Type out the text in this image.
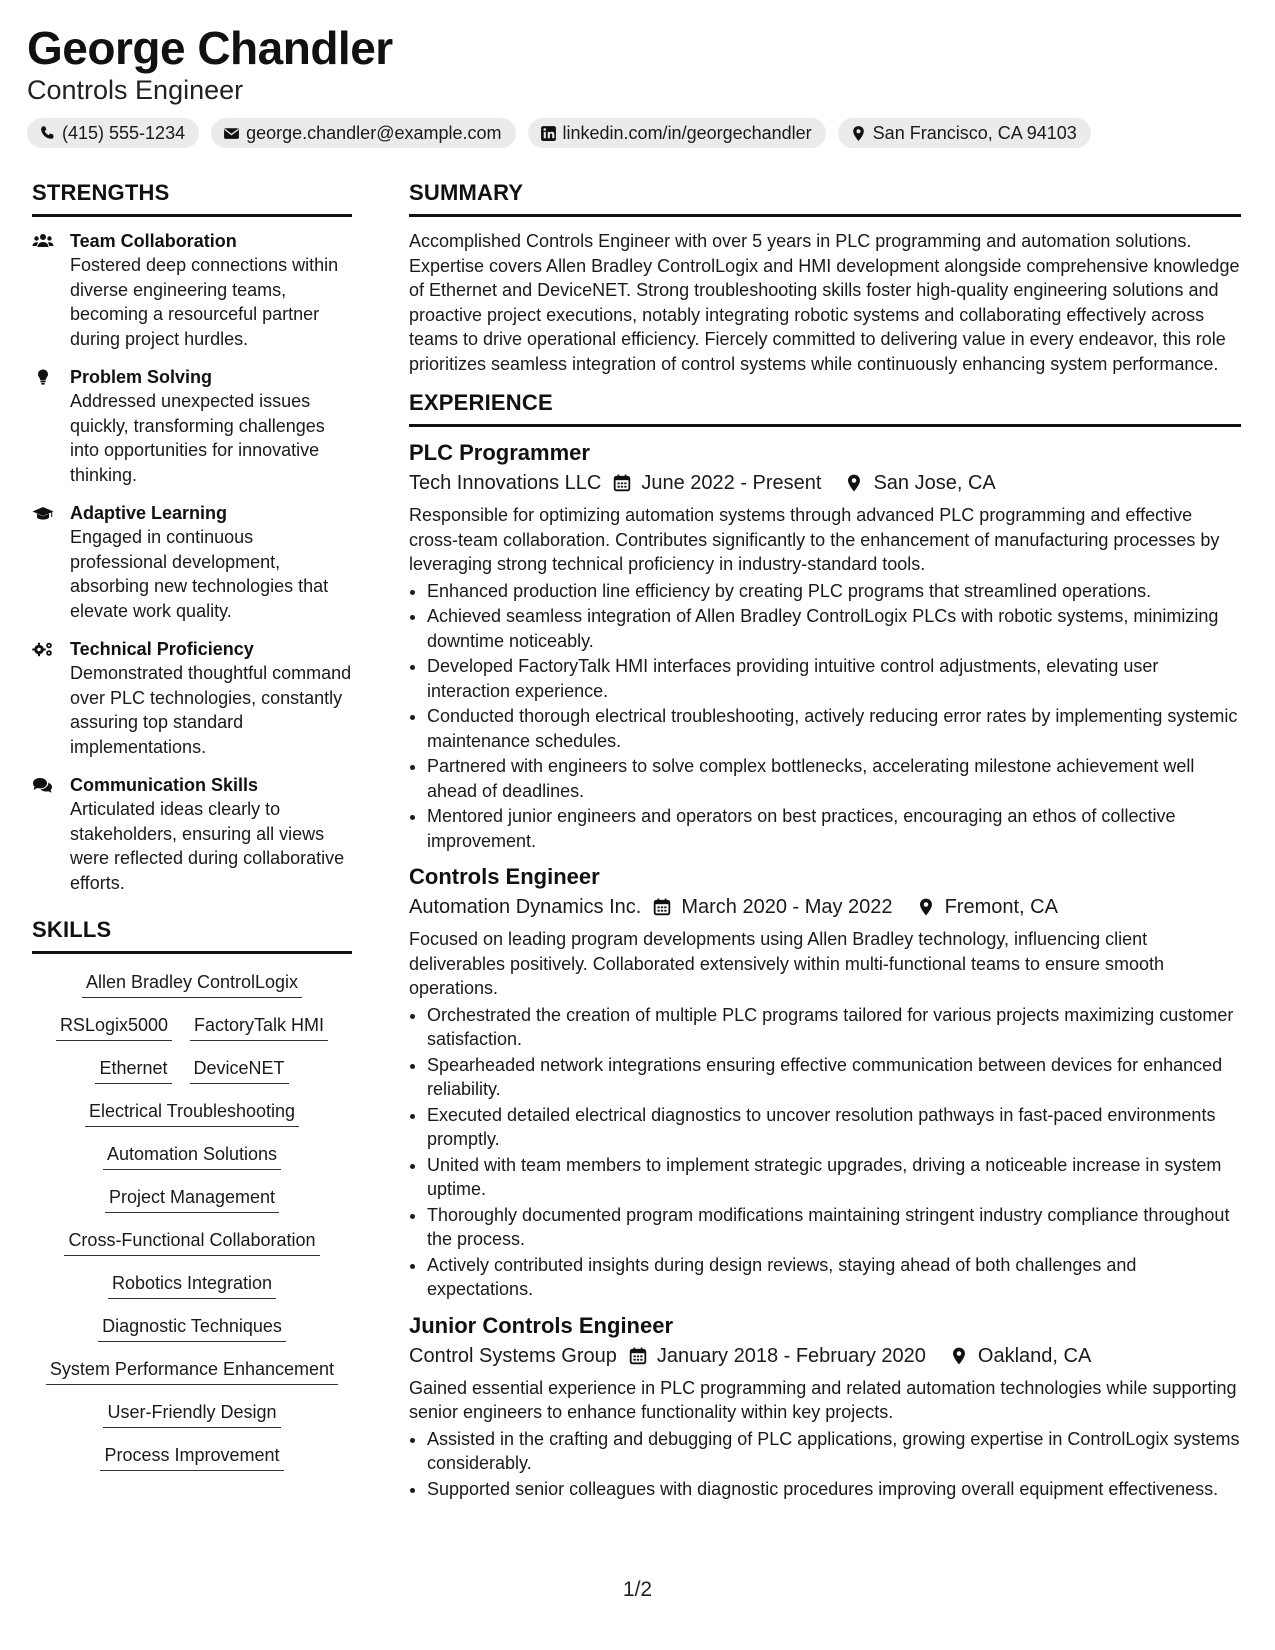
George Chandler
Controls Engineer
(415) 555-1234	george.chandler@example.com	linkedin.com/in/georgechandler	San Francisco, CA 94103
STRENGTHS
Team Collaboration
Fostered deep connections within diverse engineering teams, becoming a resourceful partner during project hurdles.
Problem Solving
Addressed unexpected issues quickly, transforming challenges into opportunities for innovative thinking.
Adaptive Learning
Engaged in continuous professional development, absorbing new technologies that elevate work quality.
Technical Proficiency
Demonstrated thoughtful command over PLC technologies, constantly assuring top standard implementations.
Communication Skills
Articulated ideas clearly to stakeholders, ensuring all views were reflected during collaborative efforts.
SKILLS
Allen Bradley ControlLogix
RSLogix5000 FactoryTalk HMI
Ethernet DeviceNET
Electrical Troubleshooting
Automation Solutions
Project Management
Cross-Functional Collaboration
Robotics Integration
Diagnostic Techniques
System Performance Enhancement
User-Friendly Design
Process Improvement
SUMMARY
Accomplished Controls Engineer with over 5 years in PLC programming and automation solutions. Expertise covers Allen Bradley ControlLogix and HMI development alongside comprehensive knowledge of Ethernet and DeviceNET. Strong troubleshooting skills foster high-quality engineering solutions and proactive project executions, notably integrating robotic systems and collaborating effectively across teams to drive operational efficiency. Fiercely committed to delivering value in every endeavor, this role prioritizes seamless integration of control systems while continuously enhancing system performance.
EXPERIENCE
PLC Programmer
Tech Innovations LLC June 2022 - Present	San Jose, CA
Responsible for optimizing automation systems through advanced PLC programming and effective cross-team collaboration. Contributes significantly to the enhancement of manufacturing processes by leveraging strong technical proficiency in industry-standard tools.
• Enhanced production line efficiency by creating PLC programs that streamlined operations.
• Achieved seamless integration of Allen Bradley ControlLogix PLCs with robotic systems, minimizing downtime noticeably.
• Developed FactoryTalk HMI interfaces providing intuitive control adjustments, elevating user interaction experience.
• Conducted thorough electrical troubleshooting, actively reducing error rates by implementing systemic maintenance schedules.
• Partnered with engineers to solve complex bottlenecks, accelerating milestone achievement well ahead of deadlines.
• Mentored junior engineers and operators on best practices, encouraging an ethos of collective improvement.
Controls Engineer
Automation Dynamics Inc. March 2020 - May 2022	Fremont, CA
Focused on leading program developments using Allen Bradley technology, influencing client deliverables positively. Collaborated extensively within multi-functional teams to ensure smooth operations.
• Orchestrated the creation of multiple PLC programs tailored for various projects maximizing customer satisfaction.
• Spearheaded network integrations ensuring effective communication between devices for enhanced reliability.
• Executed detailed electrical diagnostics to uncover resolution pathways in fast-paced environments promptly.
• United with team members to implement strategic upgrades, driving a noticeable increase in system uptime.
• Thoroughly documented program modifications maintaining stringent industry compliance throughout the process.
• Actively contributed insights during design reviews, staying ahead of both challenges and expectations.
Junior Controls Engineer
Control Systems Group January 2018 - February 2020	Oakland, CA
Gained essential experience in PLC programming and related automation technologies while supporting senior engineers to enhance functionality within key projects.
• Assisted in the crafting and debugging of PLC applications, growing expertise in ControlLogix systems considerably.
• Supported senior colleagues with diagnostic procedures improving overall equipment effectiveness.
1/2
